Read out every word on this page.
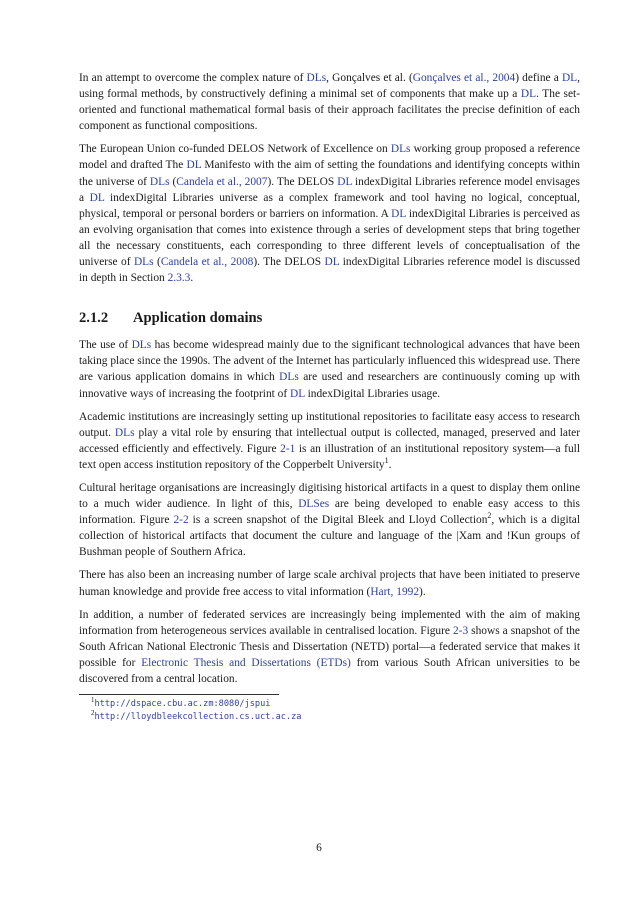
In an attempt to overcome the complex nature of DLs, Gonçalves et al. (Gonçalves et al., 2004) define a DL, using formal methods, by constructively defining a minimal set of components that make up a DL. The set-oriented and functional mathematical formal basis of their approach facilitates the precise definition of each component as functional compositions.

The European Union co-funded DELOS Network of Excellence on DLs working group proposed a reference model and drafted The DL Manifesto with the aim of setting the foundations and identifying concepts within the universe of DLs (Candela et al., 2007). The DELOS DL indexDigital Libraries reference model envisages a DL indexDigital Libraries universe as a complex framework and tool having no logical, conceptual, physical, temporal or personal borders or barriers on information. A DL indexDigital Libraries is perceived as an evolving organisation that comes into existence through a series of development steps that bring together all the necessary constituents, each corresponding to three different levels of conceptualisation of the universe of DLs (Candela et al., 2008). The DELOS DL indexDigital Libraries reference model is discussed in depth in Section 2.3.3.

2.1.2 Application domains

The use of DLs has become widespread mainly due to the significant technological advances that have been taking place since the 1990s. The advent of the Internet has particularly influenced this widespread use. There are various application domains in which DLs are used and researchers are continuously coming up with innovative ways of increasing the footprint of DL indexDigital Libraries usage.

Academic institutions are increasingly setting up institutional repositories to facilitate easy access to research output. DLs play a vital role by ensuring that intellectual output is collected, managed, preserved and later accessed efficiently and effectively. Figure 2-1 is an illustration of an institutional repository system—a full text open access institution repository of the Copperbelt University$^1$.

Cultural heritage organisations are increasingly digitising historical artifacts in a quest to display them online to a much wider audience. In light of this, DLSes are being developed to enable easy access to this information. Figure 2-2 is a screen snapshot of the Digital Bleek and Lloyd Collection$^2$, which is a digital collection of historical artifacts that document the culture and language of the |Xam and !Kun groups of Bushman people of Southern Africa.

There has also been an increasing number of large scale archival projects that have been initiated to preserve human knowledge and provide free access to vital information (Hart, 1992).

In addition, a number of federated services are increasingly being implemented with the aim of making information from heterogeneous services available in centralised location. Figure 2-3 shows a snapshot of the South African National Electronic Thesis and Dissertation (NETD) portal—a federated service that makes it possible for Electronic Thesis and Dissertations (ETDs) from various South African universities to be discovered from a central location.

$^1$http://dspace.cbu.ac.zm:8080/jspui
$^2$http://lloydbleekcollection.cs.uct.ac.za
6
